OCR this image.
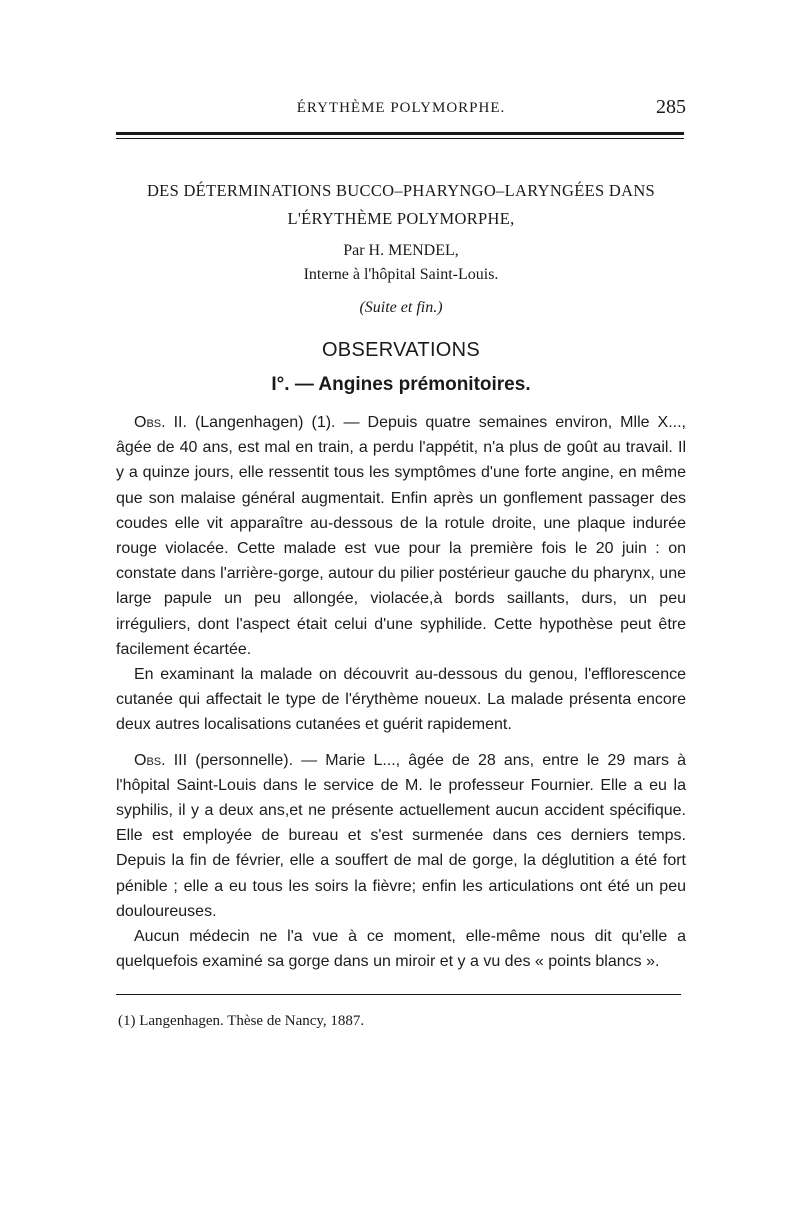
ÉRYTHÈME POLYMORPHE.	285
DES DÉTERMINATIONS BUCCO–PHARYNGO–LARYNGÉES DANS
L'ÉRYTHÈME POLYMORPHE,
Par H. MENDEL,
Interne à l'hôpital Saint-Louis.
(Suite et fin.)
OBSERVATIONS
I°. — Angines prémonitoires.

Obs. II. (Langenhagen) (1). — Depuis quatre semaines environ, Mlle X..., âgée de 40 ans, est mal en train, a perdu l'appétit, n'a plus de goût au travail. Il y a quinze jours, elle ressentit tous les symptômes d'une forte angine, en même que son malaise général augmentait. Enfin après un gonflement passager des coudes elle vit apparaître au-dessous de la rotule droite, une plaque indurée rouge violacée. Cette malade est vue pour la première fois le 20 juin : on constate dans l'arrière-gorge, autour du pilier postérieur gauche du pharynx, une large papule un peu allongée, violacée,à bords saillants, durs, un peu irréguliers, dont l'aspect était celui d'une syphilide. Cette hypothèse peut être facilement écartée.

En examinant la malade on découvrit au-dessous du genou, l'efflorescence cutanée qui affectait le type de l'érythème noueux. La malade présenta encore deux autres localisations cutanées et guérit rapidement.

Obs. III (personnelle). — Marie L..., âgée de 28 ans, entre le 29 mars à l'hôpital Saint-Louis dans le service de M. le professeur Fournier. Elle a eu la syphilis, il y a deux ans,et ne présente actuellement aucun accident spécifique. Elle est employée de bureau et s'est surmenée dans ces derniers temps. Depuis la fin de février, elle a souffert de mal de gorge, la déglutition a été fort pénible ; elle a eu tous les soirs la fièvre; enfin les articulations ont été un peu douloureuses.

Aucun médecin ne l'a vue à ce moment, elle-même nous dit qu'elle a quelquefois examiné sa gorge dans un miroir et y a vu des « points blancs ».

(1) Langenhagen. Thèse de Nancy, 1887.
